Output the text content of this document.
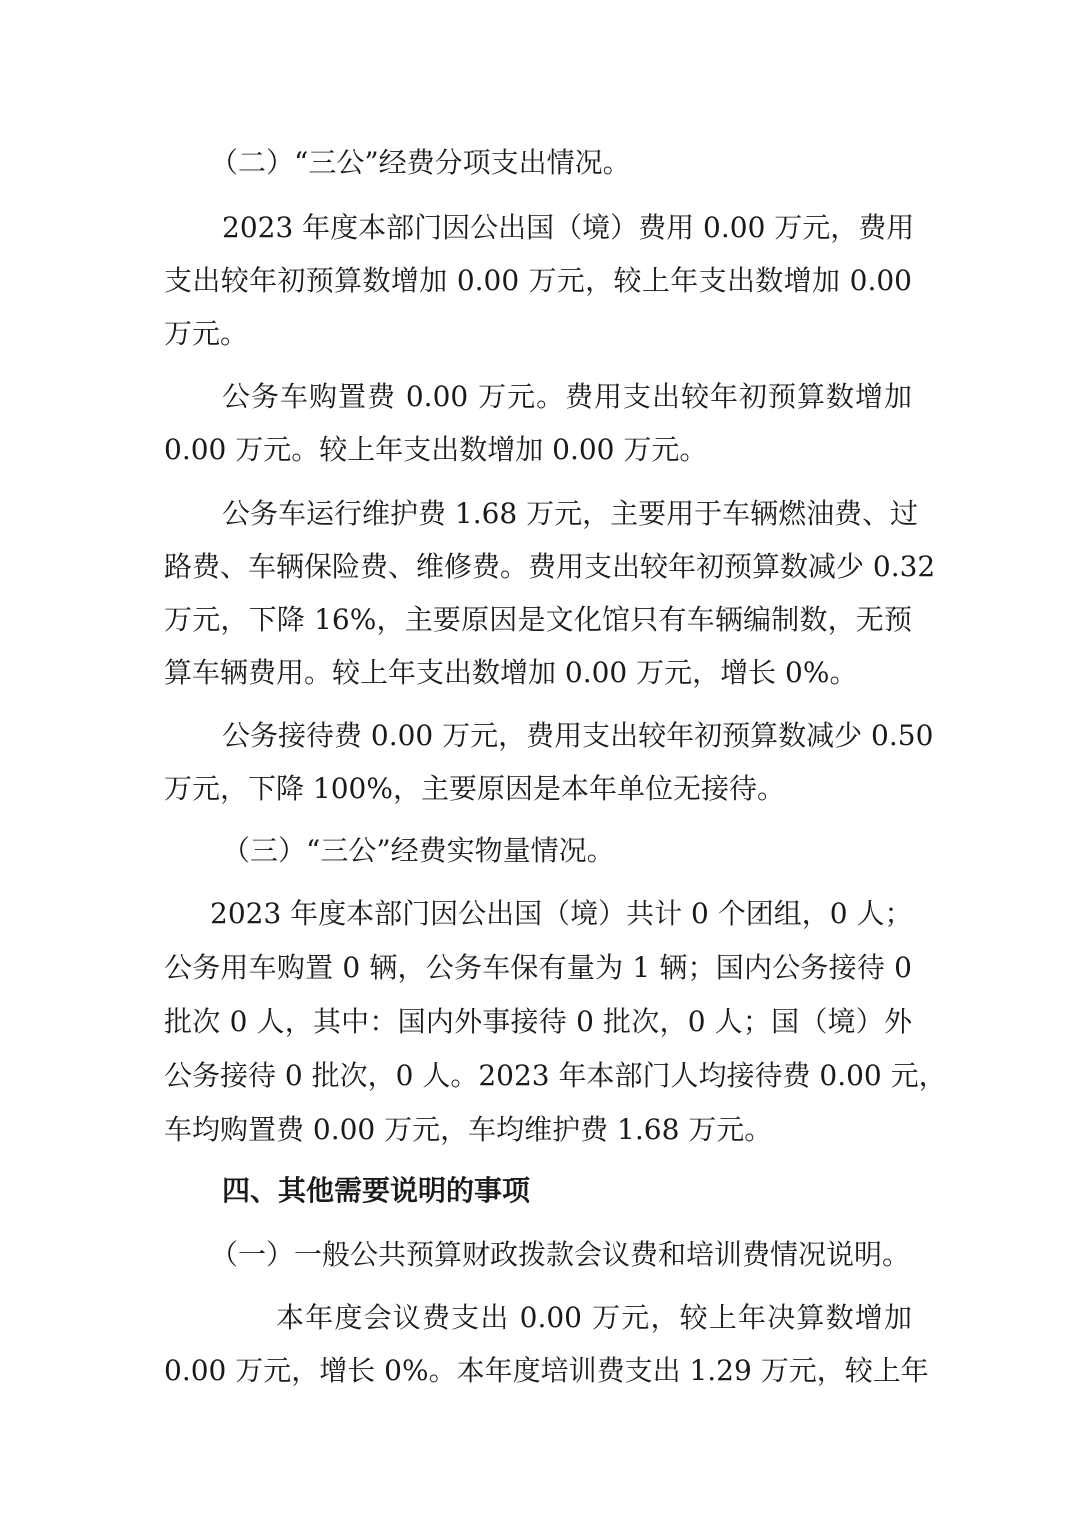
（二）“三公”经费分项支出情况。
2023 年度本部门因公出国（境）费用 0.00 万元，费用
支出较年初预算数增加 0.00 万元，较上年支出数增加 0.00
万元。
公务车购置费 0.00 万元。费用支出较年初预算数增加
0.00 万元。较上年支出数增加 0.00 万元。
公务车运行维护费 1.68 万元，主要用于车辆燃油费、过
路费、车辆保险费、维修费。费用支出较年初预算数减少 0.32
万元，下降 16%，主要原因是文化馆只有车辆编制数，无预
算车辆费用。较上年支出数增加 0.00 万元，增长 0%。
公务接待费 0.00 万元，费用支出较年初预算数减少 0.50
万元，下降 100%，主要原因是本年单位无接待。
（三）“三公”经费实物量情况。
2023 年度本部门因公出国（境）共计 0 个团组，0 人；
公务用车购置 0 辆，公务车保有量为 1 辆；国内公务接待 0
批次 0 人，其中：国内外事接待 0 批次，0 人；国（境）外
公务接待 0 批次，0 人。2023 年本部门人均接待费 0.00 元，
车均购置费 0.00 万元，车均维护费 1.68 万元。
四、其他需要说明的事项
（一）一般公共预算财政拨款会议费和培训费情况说明。
本年度会议费支出 0.00 万元，较上年决算数增加
0.00 万元，增长 0%。本年度培训费支出 1.29 万元，较上年
